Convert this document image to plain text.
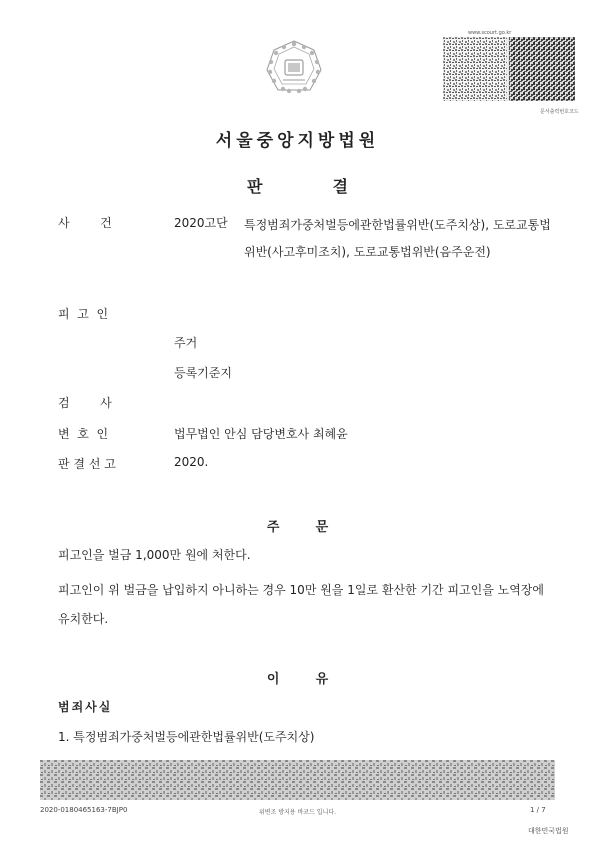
www.scourt.go.kr
문서출력번호코드
서울중앙지방법원
판	결
사        건	2020고단 특정범죄가중처벌등에관한법률위반(도주치상), 도로교통법위반(사고후미조치), 도로교통법위반(음주운전)
피  고  인
주거
등록기준지
검        사
변  호  인	법무법인 안심 담당변호사 최혜윤
판 결 선 고	2020.
주        문
피고인을 벌금 1,000만 원에 처한다.
피고인이 위 벌금을 납입하지 아니하는 경우 10만 원을 1일로 환산한 기간 피고인을 노역장에 유치한다.
이        유
범죄사실
1. 특정범죄가중처벌등에관한법률위반(도주치상)
2020-0180465163-7BJP0	위변조 방지용 바코드 입니다.	1 / 7
대한민국법원
